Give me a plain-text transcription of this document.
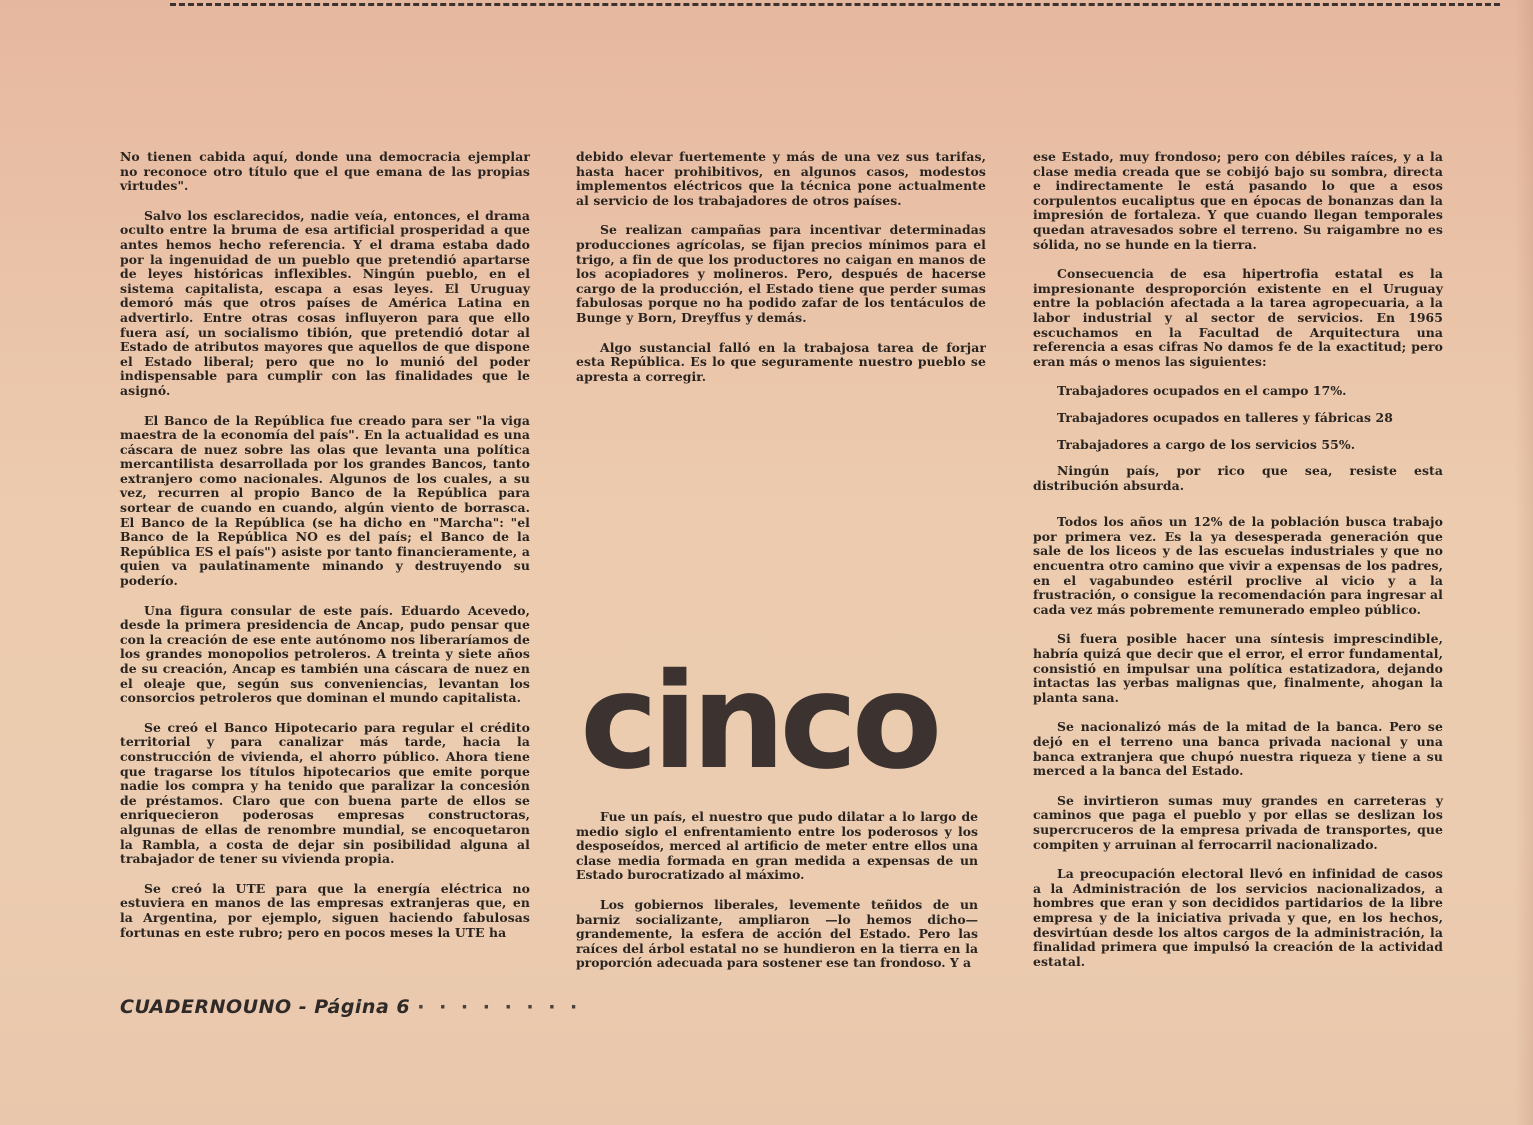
No tienen cabida aquí, donde una democracia ejemplar no reconoce otro título que el que emana de las propias virtudes".

Salvo los esclarecidos, nadie veía, entonces, el drama oculto entre la bruma de esa artificial prosperidad a que antes hemos hecho referencia. Y el drama estaba dado por la ingenuidad de un pueblo que pretendió apartarse de leyes históricas inflexibles. Ningún pueblo, en el sistema capitalista, escapa a esas leyes. El Uruguay demoró más que otros países de América Latina en advertirlo. Entre otras cosas influyeron para que ello fuera así, un socialismo tibión, que pretendió dotar al Estado de atributos mayores que aquellos de que dispone el Estado liberal; pero que no lo munió del poder indispensable para cumplir con las finalidades que le asignó.

El Banco de la República fue creado para ser "la viga maestra de la economía del país". En la actualidad es una cáscara de nuez sobre las olas que levanta una política mercantilista desarrollada por los grandes Bancos, tanto extranjero como nacionales. Algunos de los cuales, a su vez, recurren al propio Banco de la República para sortear de cuando en cuando, algún viento de borrasca. El Banco de la República (se ha dicho en "Marcha": "el Banco de la República NO es del país; el Banco de la República ES el país") asiste por tanto financieramente, a quien va paulatinamente minando y destruyendo su poderío.

Una figura consular de este país. Eduardo Acevedo, desde la primera presidencia de Ancap, pudo pensar que con la creación de ese ente autónomo nos liberaríamos de los grandes monopolios petroleros. A treinta y siete años de su creación, Ancap es también una cáscara de nuez en el oleaje que, según sus conveniencias, levantan los consorcios petroleros que dominan el mundo capitalista.

Se creó el Banco Hipotecario para regular el crédito territorial y para canalizar más tarde, hacia la construcción de vivienda, el ahorro público. Ahora tiene que tragarse los títulos hipotecarios que emite porque nadie los compra y ha tenido que paralizar la concesión de préstamos. Claro que con buena parte de ellos se enriquecieron poderosas empresas constructoras, algunas de ellas de renombre mundial, se encoquetaron la Rambla, a costa de dejar sin posibilidad alguna al trabajador de tener su vivienda propia.

Se creó la UTE para que la energía eléctrica no estuviera en manos de las empresas extranjeras que, en la Argentina, por ejemplo, siguen haciendo fabulosas fortunas en este rubro; pero en pocos meses la UTE ha

debido elevar fuertemente y más de una vez sus tarifas, hasta hacer prohibitivos, en algunos casos, modestos implementos eléctricos que la técnica pone actualmente al servicio de los trabajadores de otros países.

Se realizan campañas para incentivar determinadas producciones agrícolas, se fijan precios mínimos para el trigo, a fin de que los productores no caigan en manos de los acopiadores y molineros. Pero, después de hacerse cargo de la producción, el Estado tiene que perder sumas fabulosas porque no ha podido zafar de los tentáculos de Bunge y Born, Dreyffus y demás.

Algo sustancial falló en la trabajosa tarea de forjar esta República. Es lo que seguramente nuestro pueblo se apresta a corregir.

cinco

Fue un país, el nuestro que pudo dilatar a lo largo de medio siglo el enfrentamiento entre los poderosos y los desposeídos, merced al artificio de meter entre ellos una clase media formada en gran medida a expensas de un Estado burocratizado al máximo.

Los gobiernos liberales, levemente teñidos de un barniz socializante, ampliaron —lo hemos dicho— grandemente, la esfera de acción del Estado. Pero las raíces del árbol estatal no se hundieron en la tierra en la proporción adecuada para sostener ese tan frondoso. Y a

ese Estado, muy frondoso; pero con débiles raíces, y a la clase media creada que se cobijó bajo su sombra, directa e indirectamente le está pasando lo que a esos corpulentos eucaliptus que en épocas de bonanzas dan la impresión de fortaleza. Y que cuando llegan temporales quedan atravesados sobre el terreno. Su raigambre no es sólida, no se hunde en la tierra.

Consecuencia de esa hipertrofia estatal es la impresionante desproporción existente en el Uruguay entre la población afectada a la tarea agropecuaria, a la labor industrial y al sector de servicios. En 1965 escuchamos en la Facultad de Arquitectura una referencia a esas cifras No damos fe de la exactitud; pero eran más o menos las siguientes:

Trabajadores ocupados en el campo 17%.

Trabajadores ocupados en talleres y fábricas 28

Trabajadores a cargo de los servicios 55%.

Ningún país, por rico que sea, resiste esta distribución absurda.

Todos los años un 12% de la población busca trabajo por primera vez. Es la ya desesperada generación que sale de los liceos y de las escuelas industriales y que no encuentra otro camino que vivir a expensas de los padres, en el vagabundeo estéril proclive al vicio y a la frustración, o consigue la recomendación para ingresar al cada vez más pobremente remunerado empleo público.

Si fuera posible hacer una síntesis imprescindible, habría quizá que decir que el error, el error fundamental, consistió en impulsar una política estatizadora, dejando intactas las yerbas malignas que, finalmente, ahogan la planta sana.

Se nacionalizó más de la mitad de la banca. Pero se dejó en el terreno una banca privada nacional y una banca extranjera que chupó nuestra riqueza y tiene a su merced a la banca del Estado.

Se invirtieron sumas muy grandes en carreteras y caminos que paga el pueblo y por ellas se deslizan los supercruceros de la empresa privada de transportes, que compiten y arruinan al ferrocarril nacionalizado.

La preocupación electoral llevó en infinidad de casos a la Administración de los servicios nacionalizados, a hombres que eran y son decididos partidarios de la libre empresa y de la iniciativa privada y que, en los hechos, desvirtúan desde los altos cargos de la administración, la finalidad primera que impulsó la creación de la actividad estatal.

CUADERNOUNO - Página 6 · · · · · · · ·
